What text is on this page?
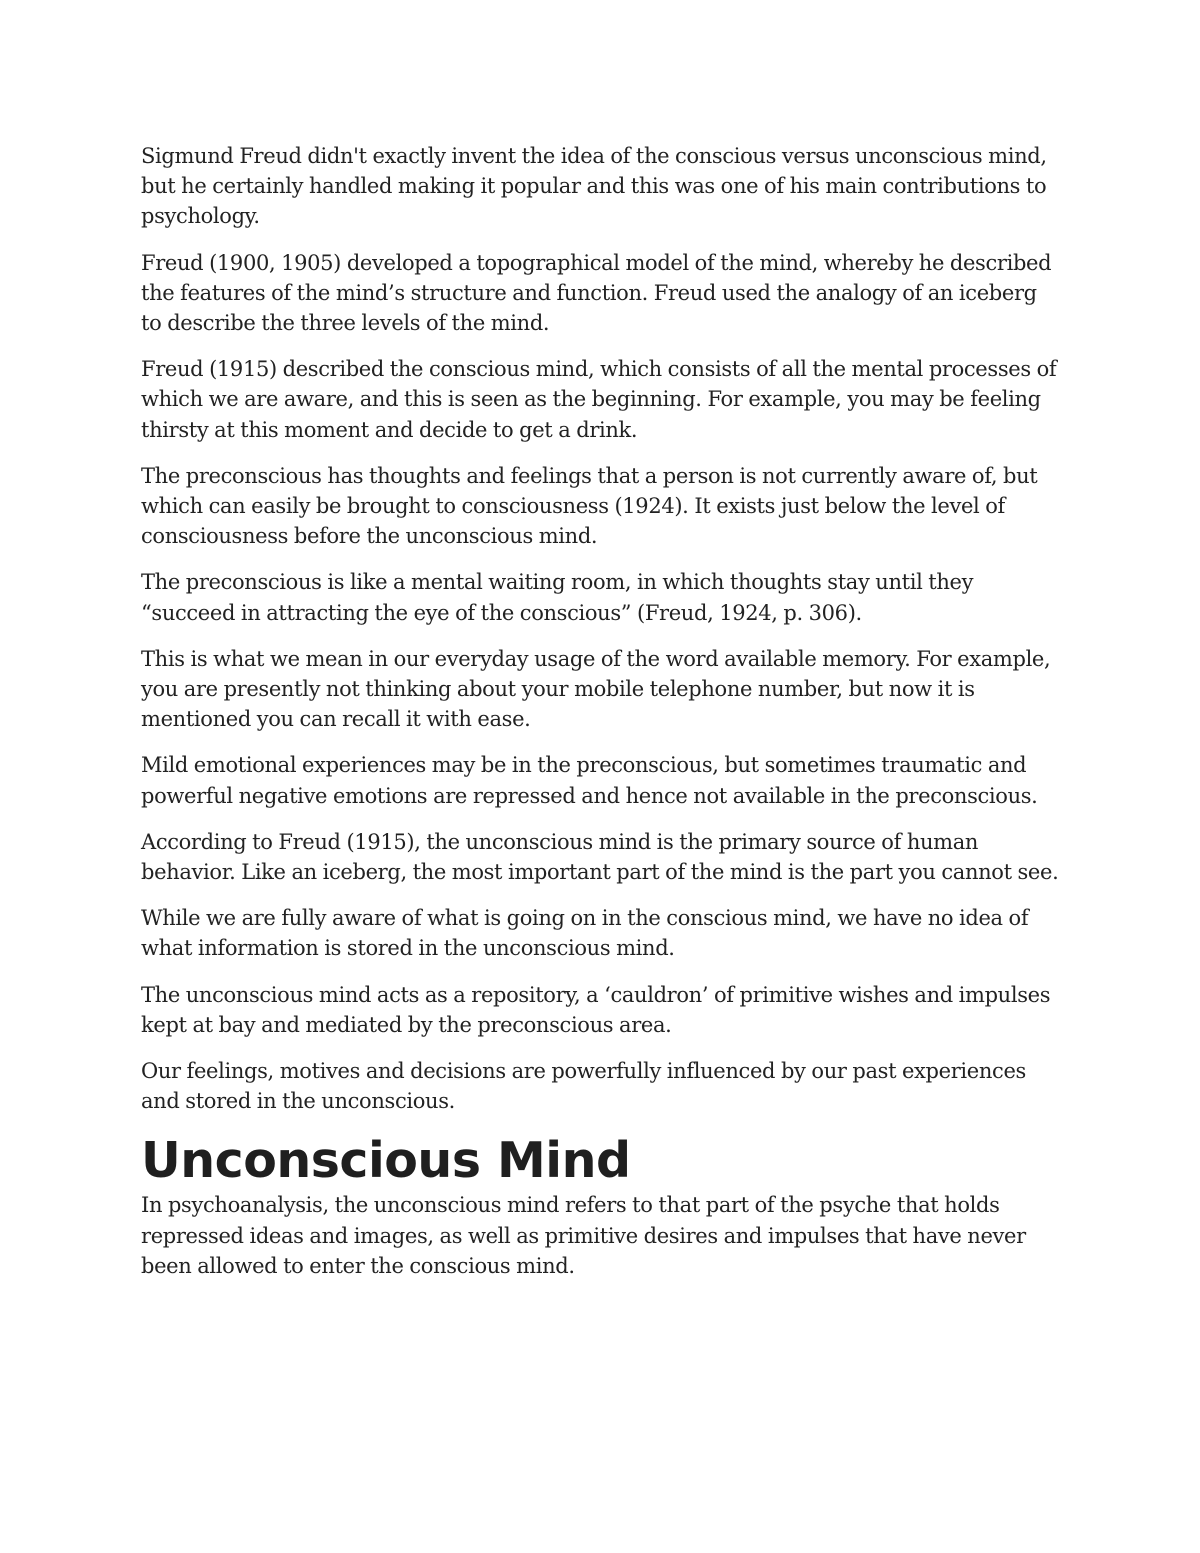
Sigmund Freud didn't exactly invent the idea of the conscious versus unconscious mind, but he certainly handled making it popular and this was one of his main contributions to psychology.

Freud (1900, 1905) developed a topographical model of the mind, whereby he described the features of the mind’s structure and function. Freud used the analogy of an iceberg to describe the three levels of the mind.

Freud (1915) described the conscious mind, which consists of all the mental processes of which we are aware, and this is seen as the beginning. For example, you may be feeling thirsty at this moment and decide to get a drink.

The preconscious has thoughts and feelings that a person is not currently aware of, but which can easily be brought to consciousness (1924). It exists just below the level of consciousness before the unconscious mind.

The preconscious is like a mental waiting room, in which thoughts stay until they “succeed in attracting the eye of the conscious” (Freud, 1924, p. 306).

This is what we mean in our everyday usage of the word available memory. For example, you are presently not thinking about your mobile telephone number, but now it is mentioned you can recall it with ease.

Mild emotional experiences may be in the preconscious, but sometimes traumatic and powerful negative emotions are repressed and hence not available in the preconscious.

According to Freud (1915), the unconscious mind is the primary source of human behavior. Like an iceberg, the most important part of the mind is the part you cannot see.

While we are fully aware of what is going on in the conscious mind, we have no idea of what information is stored in the unconscious mind.

The unconscious mind acts as a repository, a ‘cauldron’ of primitive wishes and impulses kept at bay and mediated by the preconscious area.

Our feelings, motives and decisions are powerfully influenced by our past experiences and stored in the unconscious.

Unconscious Mind

In psychoanalysis, the unconscious mind refers to that part of the psyche that holds repressed ideas and images, as well as primitive desires and impulses that have never been allowed to enter the conscious mind.
